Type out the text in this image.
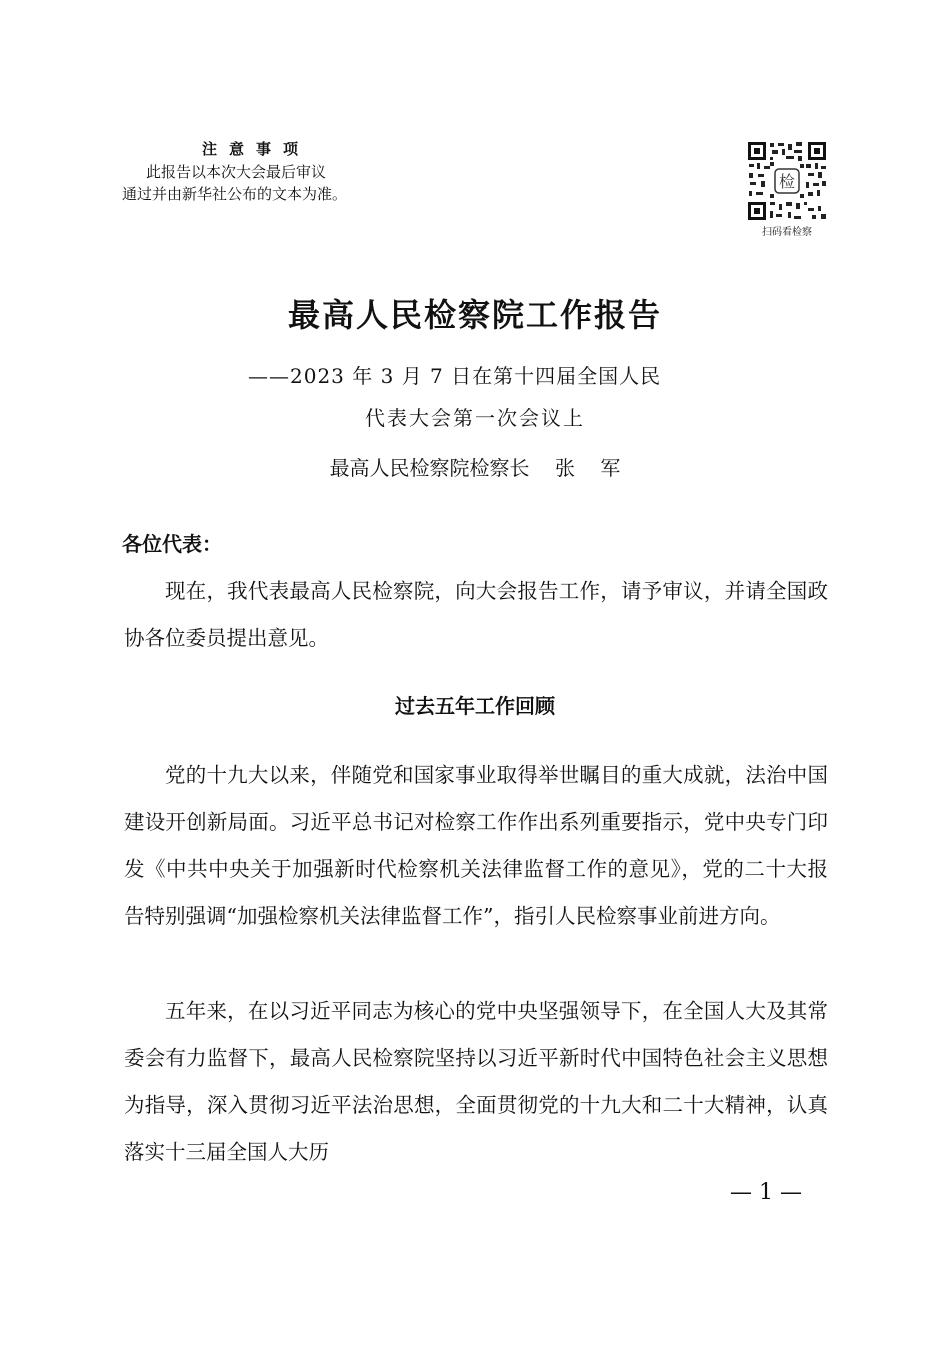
注意事项
此报告以本次大会最后审议
通过并由新华社公布的文本为准。
检
扫码看检察
最高人民检察院工作报告
——2023 年 3 月 7 日在第十四届全国人民
代表大会第一次会议上
最高人民检察院检察长    张    军
各位代表：

现在，我代表最高人民检察院，向大会报告工作，请予审议，并请全国政协各位委员提出意见。

过去五年工作回顾

党的十九大以来，伴随党和国家事业取得举世瞩目的重大成就，法治中国建设开创新局面。习近平总书记对检察工作作出系列重要指示，党中央专门印发《中共中央关于加强新时代检察机关法律监督工作的意见》，党的二十大报告特别强调“加强检察机关法律监督工作”，指引人民检察事业前进方向。

五年来，在以习近平同志为核心的党中央坚强领导下，在全国人大及其常委会有力监督下，最高人民检察院坚持以习近平新时代中国特色社会主义思想为指导，深入贯彻习近平法治思想，全面贯彻党的十九大和二十大精神，认真落实十三届全国人大历

— 1 —
